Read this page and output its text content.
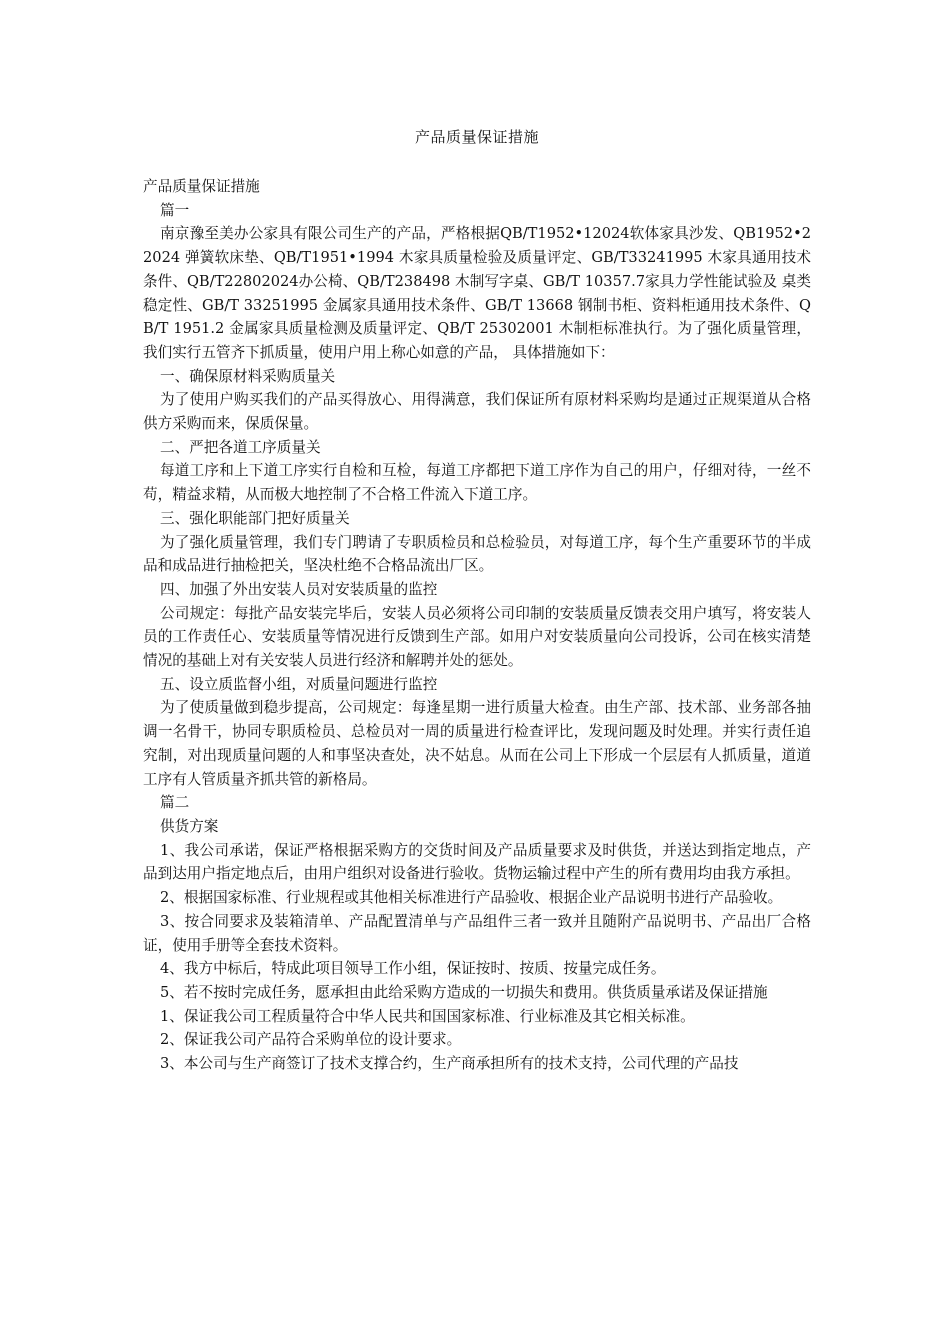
产品质量保证措施

产品质量保证措施

篇一

南京豫至美办公家具有限公司生产的产品，严格根据QB/T1952•12024软体家具沙发、QB1952•22024 弹簧软床垫、QB/T1951•1994 木家具质量检验及质量评定、GB/T33241995 木家具通用技术条件、QB/T22802024办公椅、QB/T238498 木制写字桌、GB/T 10357.7家具力学性能试验及 桌类稳定性、GB/T 33251995 金属家具通用技术条件、GB/T 13668 钢制书柜、资料柜通用技术条件、QB/T 1951.2 金属家具质量检测及质量评定、QB/T 25302001 木制柜标准执行。为了强化质量管理，我们实行五管齐下抓质量，使用户用上称心如意的产品， 具体措施如下：

一、确保原材料采购质量关

为了使用户购买我们的产品买得放心、用得满意，我们保证所有原材料采购均是通过正规渠道从合格供方采购而来，保质保量。

二、严把各道工序质量关

每道工序和上下道工序实行自检和互检，每道工序都把下道工序作为自己的用户，仔细对待，一丝不苟，精益求精，从而极大地控制了不合格工件流入下道工序。

三、强化职能部门把好质量关

为了强化质量管理，我们专门聘请了专职质检员和总检验员，对每道工序，每个生产重要环节的半成品和成品进行抽检把关，坚决杜绝不合格品流出厂区。

四、加强了外出安装人员对安装质量的监控

公司规定：每批产品安装完毕后，安装人员必须将公司印制的安装质量反馈表交用户填写，将安装人员的工作责任心、安装质量等情况进行反馈到生产部。如用户对安装质量向公司投诉，公司在核实清楚情况的基础上对有关安装人员进行经济和解聘并处的惩处。

五、设立质监督小组，对质量问题进行监控

为了使质量做到稳步提高，公司规定：每逢星期一进行质量大检查。由生产部、技术部、业务部各抽调一名骨干，协同专职质检员、总检员对一周的质量进行检查评比，发现问题及时处理。并实行责任追究制，对出现质量问题的人和事坚决查处，决不姑息。从而在公司上下形成一个层层有人抓质量，道道工序有人管质量齐抓共管的新格局。

篇二

供货方案

1、我公司承诺，保证严格根据采购方的交货时间及产品质量要求及时供货，并送达到指定地点，产品到达用户指定地点后，由用户组织对设备进行验收。货物运输过程中产生的所有费用均由我方承担。

2、根据国家标准、行业规程或其他相关标准进行产品验收、根据企业产品说明书进行产品验收。

3、按合同要求及装箱清单、产品配置清单与产品组件三者一致并且随附产品说明书、产品出厂合格证，使用手册等全套技术资料。

4、我方中标后，特成此项目领导工作小组，保证按时、按质、按量完成任务。

5、若不按时完成任务，愿承担由此给采购方造成的一切损失和费用。供货质量承诺及保证措施

1、保证我公司工程质量符合中华人民共和国国家标准、行业标准及其它相关标准。

2、保证我公司产品符合采购单位的设计要求。

3、本公司与生产商签订了技术支撑合约，生产商承担所有的技术支持，公司代理的产品技
